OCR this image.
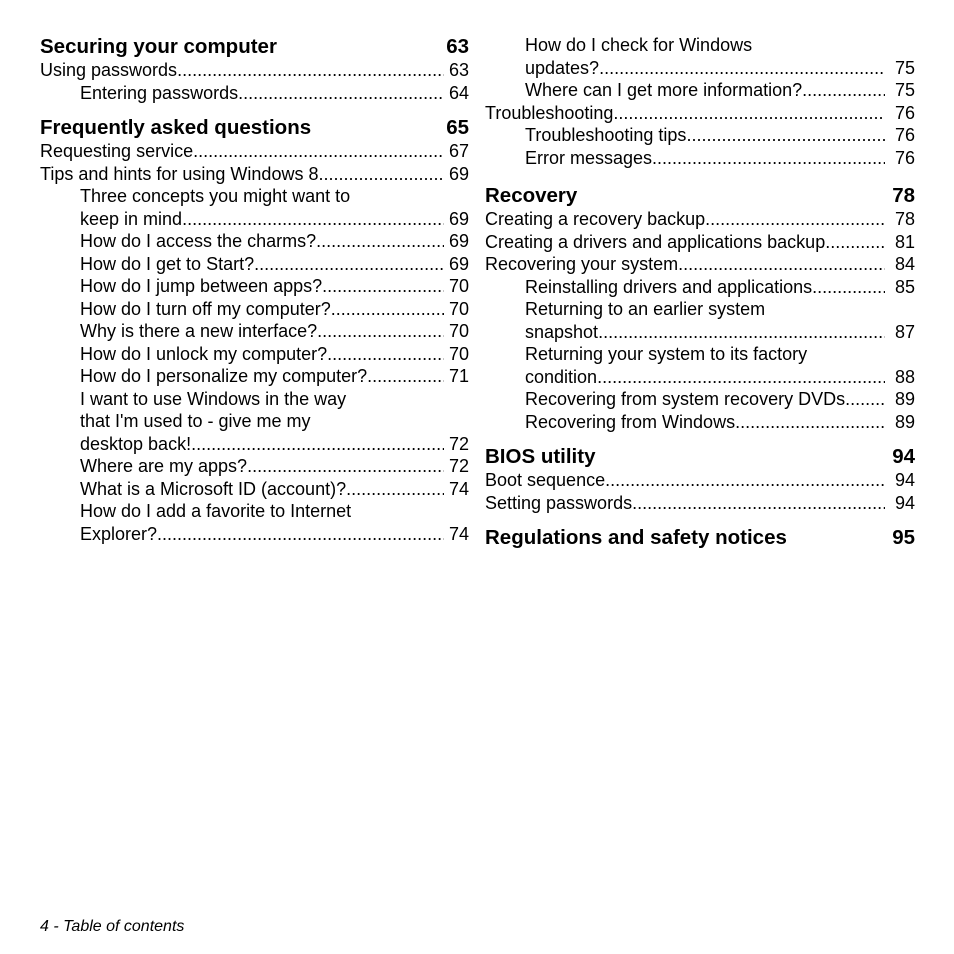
Securing your computer	63
Using passwords .....	63
Entering passwords .....	64
Frequently asked questions	65
Requesting service .....	67
Tips and hints for using Windows 8 .....	69
Three concepts you might want to
keep in mind .....	69
How do I access the charms? .....	69
How do I get to Start? .....	69
How do I jump between apps? .....	70
How do I turn off my computer? .....	70
Why is there a new interface? .....	70
How do I unlock my computer? .....	70
How do I personalize my computer? .....	71
I want to use Windows in the way
that I'm used to - give me my
desktop back! .....	72
Where are my apps? .....	72
What is a Microsoft ID (account)? .....	74
How do I add a favorite to Internet
Explorer? .....	74
How do I check for Windows
updates? .....	75
Where can I get more information? .....	75
Troubleshooting .....	76
Troubleshooting tips .....	76
Error messages .....	76
Recovery	78
Creating a recovery backup .....	78
Creating a drivers and applications backup .....	81
Recovering your system .....	84
Reinstalling drivers and applications .....	85
Returning to an earlier system
snapshot .....	87
Returning your system to its factory
condition .....	88
Recovering from system recovery DVDs .....	89
Recovering from Windows .....	89
BIOS utility	94
Boot sequence .....	94
Setting passwords .....	94
Regulations and safety notices	95
4 - Table of contents
